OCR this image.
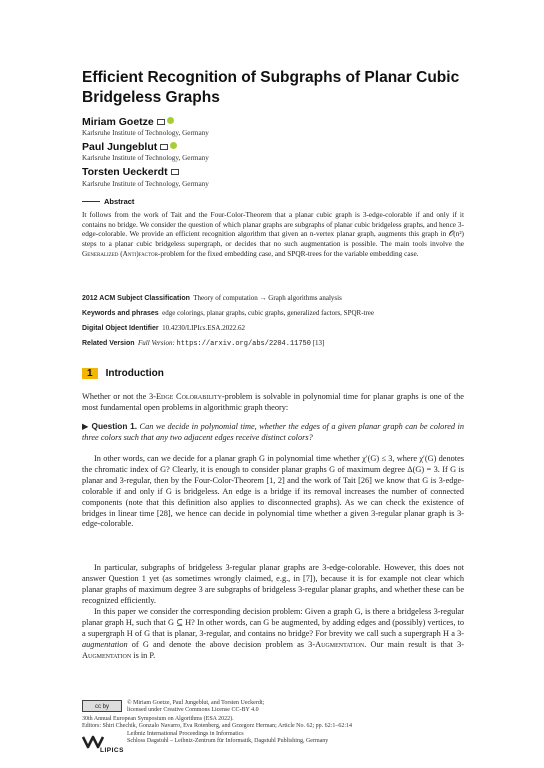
Efficient Recognition of Subgraphs of Planar Cubic Bridgeless Graphs
Miriam Goetze
Karlsruhe Institute of Technology, Germany
Paul Jungeblut
Karlsruhe Institute of Technology, Germany
Torsten Ueckerdt
Karlsruhe Institute of Technology, Germany
Abstract
It follows from the work of Tait and the Four-Color-Theorem that a planar cubic graph is 3-edge-colorable if and only if it contains no bridge. We consider the question of which planar graphs are subgraphs of planar cubic bridgeless graphs, and hence 3-edge-colorable. We provide an efficient recognition algorithm that given an n-vertex planar graph, augments this graph in 𝒪(n²) steps to a planar cubic bridgeless supergraph, or decides that no such augmentation is possible. The main tools involve the Generalized (Anti)factor-problem for the fixed embedding case, and SPQR-trees for the variable embedding case.
2012 ACM Subject Classification Theory of computation → Graph algorithms analysis
Keywords and phrases edge colorings, planar graphs, cubic graphs, generalized factors, SPQR-tree
Digital Object Identifier 10.4230/LIPIcs.ESA.2022.62
Related Version Full Version: https://arxiv.org/abs/2204.11750 [13]
1 Introduction
Whether or not the 3-Edge Colorability-problem is solvable in polynomial time for planar graphs is one of the most fundamental open problems in algorithmic graph theory:
▶ Question 1. Can we decide in polynomial time, whether the edges of a given planar graph can be colored in three colors such that any two adjacent edges receive distinct colors?
In other words, can we decide for a planar graph G in polynomial time whether χ′(G) ≤ 3, where χ′(G) denotes the chromatic index of G? Clearly, it is enough to consider planar graphs G of maximum degree Δ(G) = 3. If G is planar and 3-regular, then by the Four-Color-Theorem [1, 2] and the work of Tait [26] we know that G is 3-edge-colorable if and only if G is bridgeless. An edge is a bridge if its removal increases the number of connected components (note that this definition also applies to disconnected graphs). As we can check the existence of bridges in linear time [28], we hence can decide in polynomial time whether a given 3-regular planar graph is 3-edge-colorable.
In particular, subgraphs of bridgeless 3-regular planar graphs are 3-edge-colorable. However, this does not answer Question 1 yet (as sometimes wrongly claimed, e.g., in [7]), because it is for example not clear which planar graphs of maximum degree 3 are subgraphs of bridgeless 3-regular planar graphs, and whether these can be recognized efficiently.
In this paper we consider the corresponding decision problem: Given a graph G, is there a bridgeless 3-regular planar graph H, such that G ⊆ H? In other words, can G be augmented, by adding edges and (possibly) vertices, to a supergraph H of G that is planar, 3-regular, and contains no bridge? For brevity we call such a supergraph H a 3-augmentation of G and denote the above decision problem as 3-Augmentation. Our main result is that 3-Augmentation is in P.
cc by
© Miriam Goetze, Paul Jungeblut, and Torsten Ueckerdt;
licensed under Creative Commons License CC-BY 4.0
30th Annual European Symposium on Algorithms (ESA 2022).
Editors: Shiri Chechik, Gonzalo Navarro, Eva Rotenberg, and Grzegorz Herman; Article No. 62; pp. 62:1–62:14
Leibniz International Proceedings in Informatics
Schloss Dagstuhl – Leibniz-Zentrum für Informatik, Dagstuhl Publishing, Germany
LIPICS
